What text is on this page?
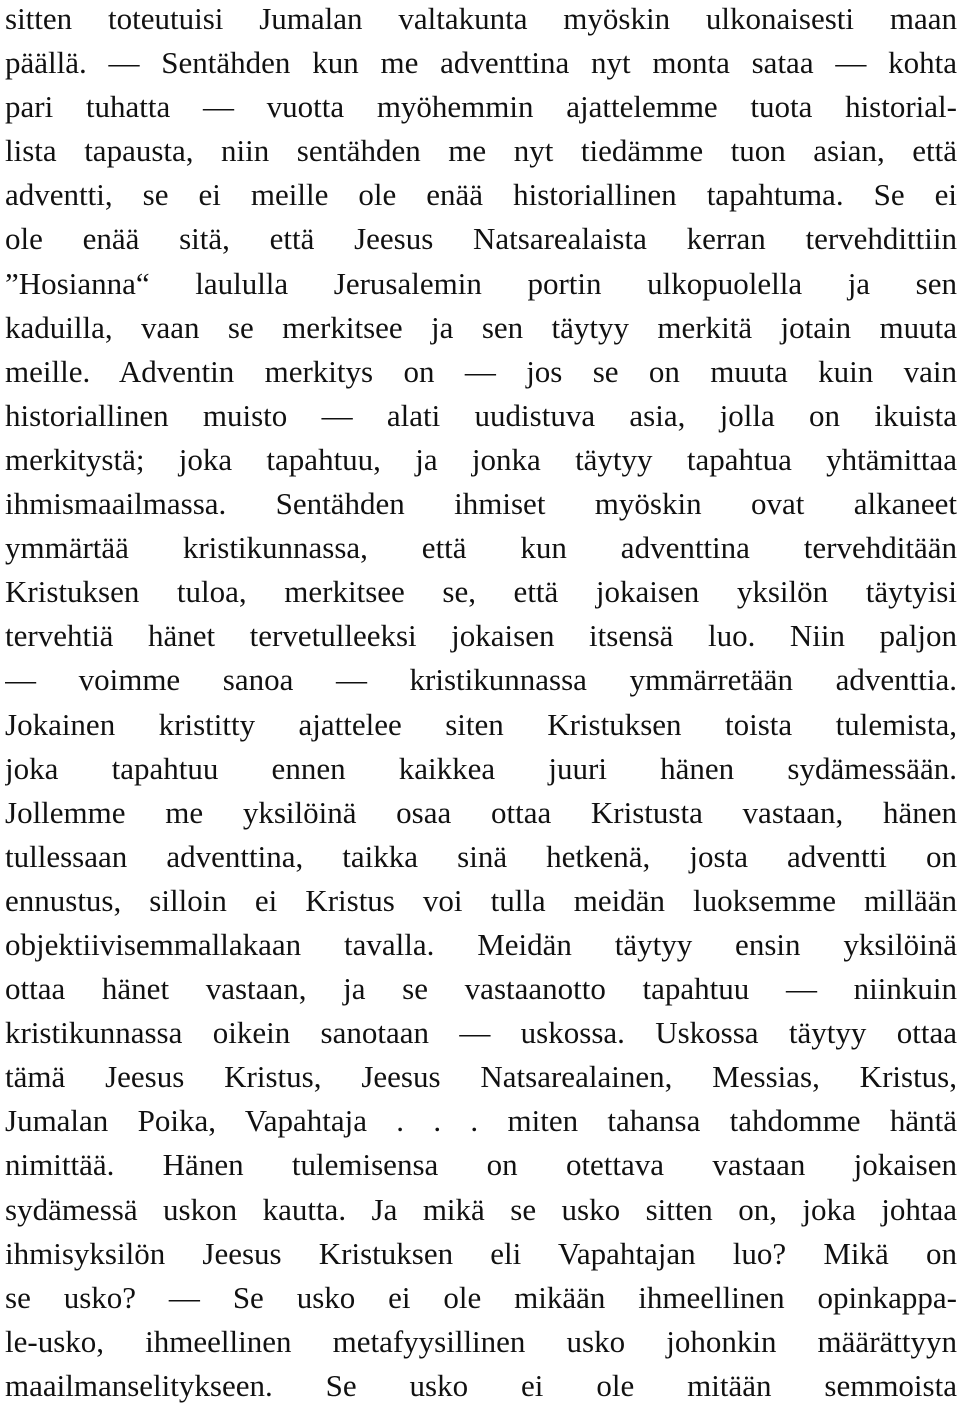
sitten toteutuisi Jumalan valtakunta myöskin ulkonaisesti maan
päällä. — Sentähden kun me adventtina nyt monta sataa — kohta
pari tuhatta — vuotta myöhemmin ajattelemme tuota historial-
lista tapausta, niin sentähden me nyt tiedämme tuon asian, että
adventti, se ei meille ole enää historiallinen tapahtuma. Se ei
ole enää sitä, että Jeesus Natsarealaista kerran tervehdittiin
”Hosianna“ laululla Jerusalemin portin ulkopuolella ja sen
kaduilla, vaan se merkitsee ja sen täytyy merkitä jotain muuta
meille. Adventin merkitys on — jos se on muuta kuin vain
historiallinen muisto — alati uudistuva asia, jolla on ikuista
merkitystä; joka tapahtuu, ja jonka täytyy tapahtua yhtämittaa
ihmismaailmassa. Sentähden ihmiset myöskin ovat alkaneet
ymmärtää kristikunnassa, että kun adventtina tervehditään
Kristuksen tuloa, merkitsee se, että jokaisen yksilön täytyisi
tervehtiä hänet tervetulleeksi jokaisen itsensä luo. Niin paljon
— voimme sanoa — kristikunnassa ymmärretään adventtia.
Jokainen kristitty ajattelee siten Kristuksen toista tulemista,
joka tapahtuu ennen kaikkea juuri hänen sydämessään.
Jollemme me yksilöinä osaa ottaa Kristusta vastaan, hänen
tullessaan adventtina, taikka sinä hetkenä, josta adventti on
ennustus, silloin ei Kristus voi tulla meidän luoksemme millään
objektiivisemmallakaan tavalla. Meidän täytyy ensin yksilöinä
ottaa hänet vastaan, ja se vastaanotto tapahtuu — niinkuin
kristikunnassa oikein sanotaan — uskossa. Uskossa täytyy ottaa
tämä Jeesus Kristus, Jeesus Natsarealainen, Messias, Kristus,
Jumalan Poika, Vapahtaja . . . miten tahansa tahdomme häntä
nimittää. Hänen tulemisensa on otettava vastaan jokaisen
sydämessä uskon kautta. Ja mikä se usko sitten on, joka johtaa
ihmisyksilön Jeesus Kristuksen eli Vapahtajan luo? Mikä on
se usko? — Se usko ei ole mikään ihmeellinen opinkappa-
le-usko, ihmeellinen metafyysillinen usko johonkin määrättyyn
maailmanselitykseen. Se usko ei ole mitään semmoista
